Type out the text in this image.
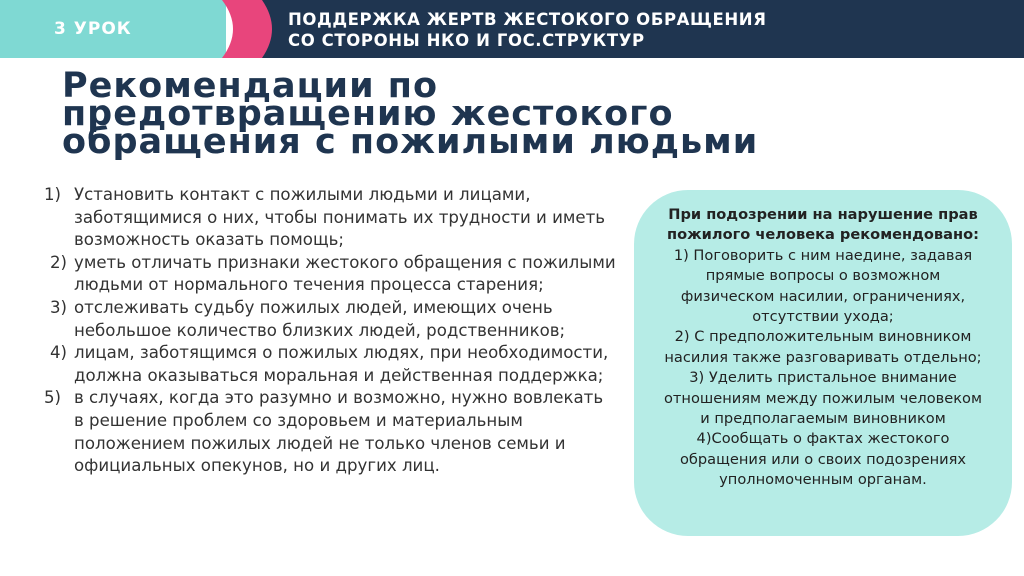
3 УРОК	ПОДДЕРЖКА ЖЕРТВ ЖЕСТОКОГО ОБРАЩЕНИЯ
СО СТОРОНЫ НКО И ГОС.СТРУКТУР
Рекомендации по предотвращению жестокого обращения с пожилыми людьми
1) Установить контакт с пожилыми людьми и лицами, заботящимися о них, чтобы понимать их трудности и иметь возможность оказать помощь;
2) уметь отличать признаки жестокого обращения с пожилыми людьми от нормального течения процесса старения;
3) отслеживать судьбу пожилых людей, имеющих очень небольшое количество близких людей, родственников;
4) лицам, заботящимся о пожилых людях, при необходимости, должна оказываться моральная и действенная поддержка;
5) в случаях, когда это разумно и возможно, нужно вовлекать в решение проблем со здоровьем и материальным положением пожилых людей не только членов семьи и официальных опекунов, но и других лиц.

При подозрении на нарушение прав пожилого человека рекомендовано:

1) Поговорить с ним наедине, задавая прямые вопросы о возможном физическом насилии, ограничениях, отсутствии ухода;

2) С предположительным виновником насилия также разговаривать отдельно;

3) Уделить пристальное внимание отношениям между пожилым человеком и предполагаемым виновником

4)Сообщать о фактах жестокого обращения или о своих подозрениях уполномоченным органам.
